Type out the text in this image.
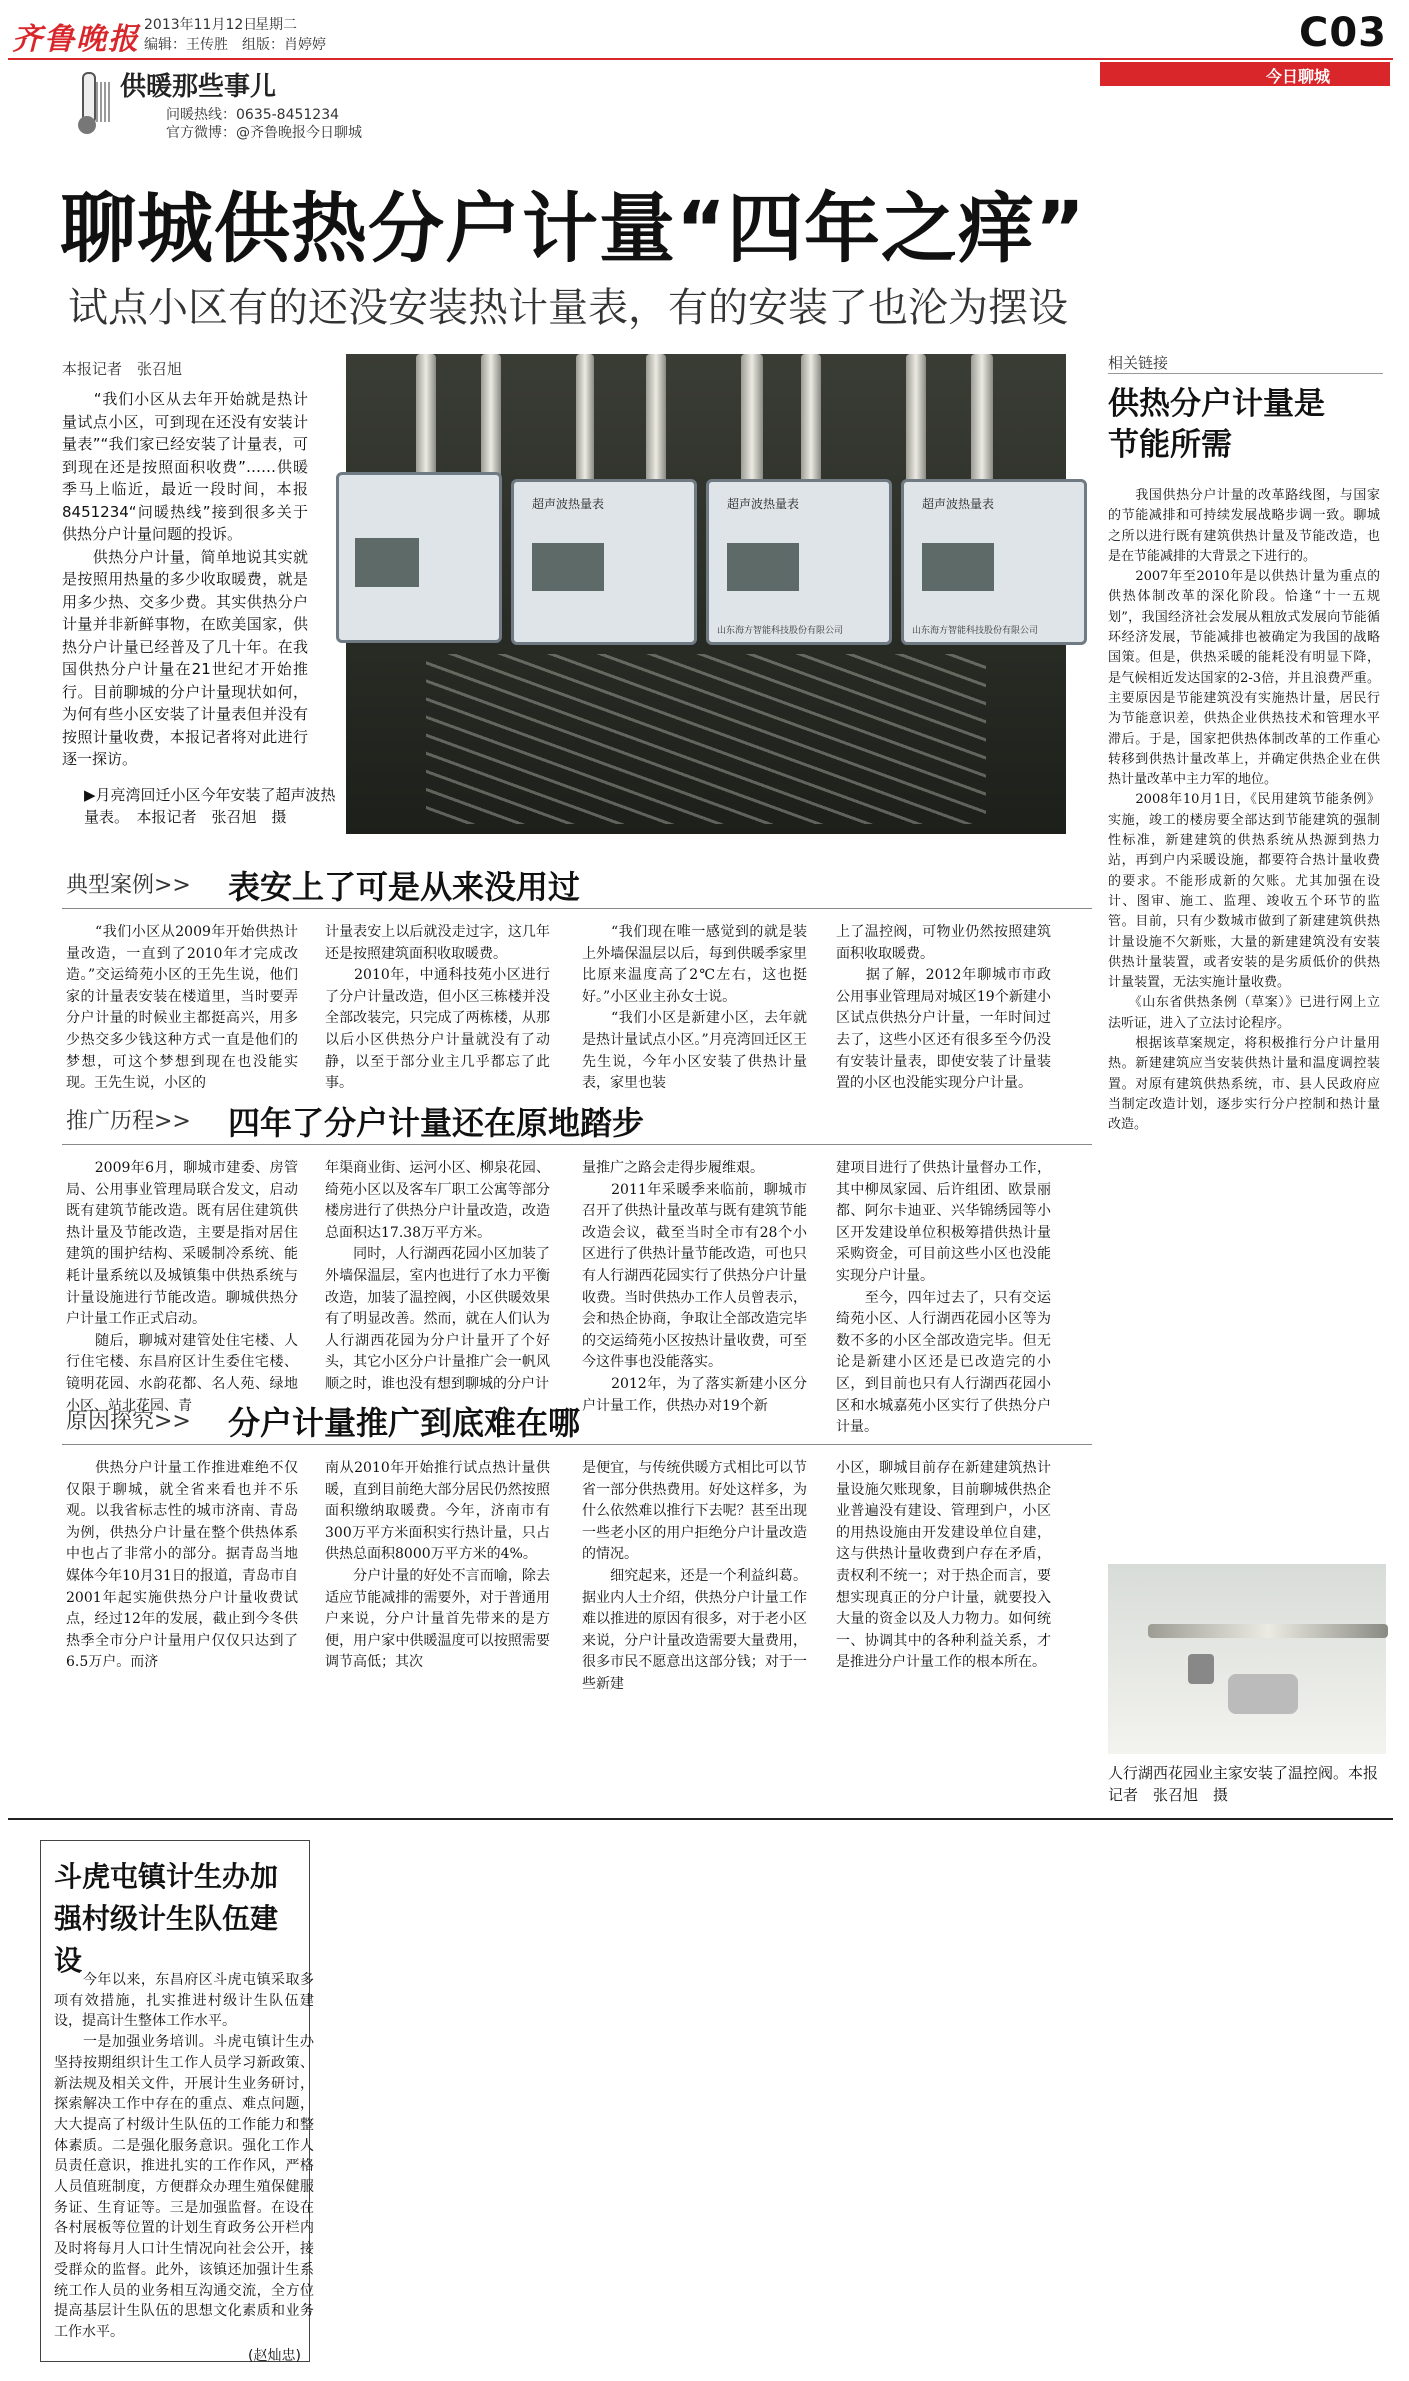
齐鲁晚报 2013年11月12日
星期二
编辑：王传胜　组版：肖婷婷	C03
今日聊城
供暖那些事儿
问暖热线：0635-8451234
官方微博：@齐鲁晚报今日聊城
聊城供热分户计量“四年之痒”
试点小区有的还没安装热计量表，有的安装了也沦为摆设
本报记者　张召旭
　　“我们小区从去年开始就是热计量试点小区，可到现在还没有安装计量表”“我们家已经安装了计量表，可到现在还是按照面积收费”……供暖季马上临近，最近一段时间，本报8451234“问暖热线”接到很多关于供热分户计量问题的投诉。
　　供热分户计量，简单地说其实就是按照用热量的多少收取暖费，就是用多少热、交多少费。其实供热分户计量并非新鲜事物，在欧美国家，供热分户计量已经普及了几十年。在我国供热分户计量在21世纪才开始推行。目前聊城的分户计量现状如何，为何有些小区安装了计量表但并没有按照计量收费，本报记者将对此进行逐一探访。
超声波热量表	超声波热量表
山东海方智能科技股份有限公司
超声波热量表
山东海方智能科技股份有限公司
▶月亮湾回迁小区今年安装了超声波热量表。　本报记者　张召旭　摄
相关链接
供热分户计量是节能所需
　　我国供热分户计量的改革路线图，与国家的节能减排和可持续发展战略步调一致。聊城之所以进行既有建筑供热计量及节能改造，也是在节能减排的大背景之下进行的。
　　2007年至2010年是以供热计量为重点的供热体制改革的深化阶段。恰逢“十一五规划”，我国经济社会发展从粗放式发展向节能循环经济发展，节能减排也被确定为我国的战略国策。但是，供热采暖的能耗没有明显下降，是气候相近发达国家的2-3倍，并且浪费严重。主要原因是节能建筑没有实施热计量，居民行为节能意识差，供热企业供热技术和管理水平滞后。于是，国家把供热体制改革的工作重心转移到供热计量改革上，并确定供热企业在供热计量改革中主力军的地位。
　　2008年10月1日，《民用建筑节能条例》实施，竣工的楼房要全部达到节能建筑的强制性标准，新建建筑的供热系统从热源到热力站，再到户内采暖设施，都要符合热计量收费的要求。不能形成新的欠账。尤其加强在设计、图审、施工、监理、竣收五个环节的监管。目前，只有少数城市做到了新建建筑供热计量设施不欠新账，大量的新建建筑没有安装供热计量装置，或者安装的是劣质低价的供热计量装置，无法实施计量收费。
　　《山东省供热条例（草案）》已进行网上立法听证，进入了立法讨论程序。
　　根据该草案规定，将积极推行分户计量用热。新建建筑应当安装供热计量和温度调控装置。对原有建筑供热系统，市、县人民政府应当制定改造计划，逐步实行分户控制和热计量改造。
人行湖西花园业主家安装了温控阀。本报记者　张召旭　摄
典型案例>> 表安上了可是从来没用过
　　“我们小区从2009年开始供热计量改造，一直到了2010年才完成改造。”交运绮苑小区的王先生说，他们家的计量表安装在楼道里，当时要弄分户计量的时候业主都挺高兴，用多少热交多少钱这种方式一直是他们的梦想，可这个梦想到现在也没能实现。王先生说，小区的
计量表安上以后就没走过字，这几年还是按照建筑面积收取暖费。
　　2010年，中通科技苑小区进行了分户计量改造，但小区三栋楼并没全部改装完，只完成了两栋楼，从那以后小区供热分户计量就没有了动静，以至于部分业主几乎都忘了此事。
　　“我们现在唯一感觉到的就是装上外墙保温层以后，每到供暖季家里比原来温度高了2℃左右，这也挺好。”小区业主孙女士说。
　　“我们小区是新建小区，去年就是热计量试点小区。”月亮湾回迁区王先生说，今年小区安装了供热计量表，家里也装
上了温控阀，可物业仍然按照建筑面积收取暖费。
　　据了解，2012年聊城市市政公用事业管理局对城区19个新建小区试点供热分户计量，一年时间过去了，这些小区还有很多至今仍没有安装计量表，即使安装了计量装置的小区也没能实现分户计量。
推广历程>> 四年了分户计量还在原地踏步
　　2009年6月，聊城市建委、房管局、公用事业管理局联合发文，启动既有建筑节能改造。既有居住建筑供热计量及节能改造，主要是指对居住建筑的围护结构、采暖制冷系统、能耗计量系统以及城镇集中供热系统与计量设施进行节能改造。聊城供热分户计量工作正式启动。
　　随后，聊城对建管处住宅楼、人行住宅楼、东昌府区计生委住宅楼、镜明花园、水韵花都、名人苑、绿地小区、站北花园、青
年渠商业街、运河小区、柳泉花园、绮苑小区以及客车厂职工公寓等部分楼房进行了供热分户计量改造，改造总面积达17.38万平方米。
　　同时，人行湖西花园小区加装了外墙保温层，室内也进行了水力平衡改造，加装了温控阀，小区供暖效果有了明显改善。然而，就在人们认为人行湖西花园为分户计量开了个好头，其它小区分户计量推广会一帆风顺之时，谁也没有想到聊城的分户计
量推广之路会走得步履维艰。
　　2011年采暖季来临前，聊城市召开了供热计量改革与既有建筑节能改造会议，截至当时全市有28个小区进行了供热计量节能改造，可也只有人行湖西花园实行了供热分户计量收费。当时供热办工作人员曾表示，会和热企协商，争取让全部改造完毕的交运绮苑小区按热计量收费，可至今这件事也没能落实。
　　2012年，为了落实新建小区分户计量工作，供热办对19个新
建项目进行了供热计量督办工作，其中柳凤家园、后许组团、欧景丽都、阿尔卡迪亚、兴华锦绣园等小区开发建设单位积极筹措供热计量采购资金，可目前这些小区也没能实现分户计量。
　　至今，四年过去了，只有交运绮苑小区、人行湖西花园小区等为数不多的小区全部改造完毕。但无论是新建小区还是已改造完的小区，到目前也只有人行湖西花园小区和水城嘉苑小区实行了供热分户计量。
原因探究>> 分户计量推广到底难在哪
　　供热分户计量工作推进难绝不仅仅限于聊城，就全省来看也并不乐观。以我省标志性的城市济南、青岛为例，供热分户计量在整个供热体系中也占了非常小的部分。据青岛当地媒体今年10月31日的报道，青岛市自2001年起实施供热分户计量收费试点，经过12年的发展，截止到今冬供热季全市分户计量用户仅仅只达到了6.5万户。而济
南从2010年开始推行试点热计量供暖，直到目前绝大部分居民仍然按照面积缴纳取暖费。今年，济南市有300万平方米面积实行热计量，只占供热总面积8000万平方米的4%。
　　分户计量的好处不言而喻，除去适应节能减排的需要外，对于普通用户来说，分户计量首先带来的是方便，用户家中供暖温度可以按照需要调节高低；其次
是便宜，与传统供暖方式相比可以节省一部分供热费用。好处这样多，为什么依然难以推行下去呢？甚至出现一些老小区的用户拒绝分户计量改造的情况。
　　细究起来，还是一个利益纠葛。据业内人士介绍，供热分户计量工作难以推进的原因有很多，对于老小区来说，分户计量改造需要大量费用，很多市民不愿意出这部分钱；对于一些新建
小区，聊城目前存在新建建筑热计量设施欠账现象，目前聊城供热企业普遍没有建设、管理到户，小区的用热设施由开发建设单位自建，这与供热计量收费到户存在矛盾，责权利不统一；对于热企而言，要想实现真正的分户计量，就要投入大量的资金以及人力物力。如何统一、协调其中的各种利益关系，才是推进分户计量工作的根本所在。
斗虎屯镇计生办加强村级计生队伍建设
　　今年以来，东昌府区斗虎屯镇采取多项有效措施，扎实推进村级计生队伍建设，提高计生整体工作水平。
　　一是加强业务培训。斗虎屯镇计生办坚持按期组织计生工作人员学习新政策、新法规及相关文件，开展计生业务研讨，探索解决工作中存在的重点、难点问题，大大提高了村级计生队伍的工作能力和整体素质。二是强化服务意识。强化工作人员责任意识，推进扎实的工作作风，严格人员值班制度，方便群众办理生殖保健服务证、生育证等。三是加强监督。在设在各村展板等位置的计划生育政务公开栏内及时将每月人口计生情况向社会公开，接受群众的监督。此外，该镇还加强计生系统工作人员的业务相互沟通交流，全方位提高基层计生队伍的思想文化素质和业务工作水平。
(赵灿忠)
